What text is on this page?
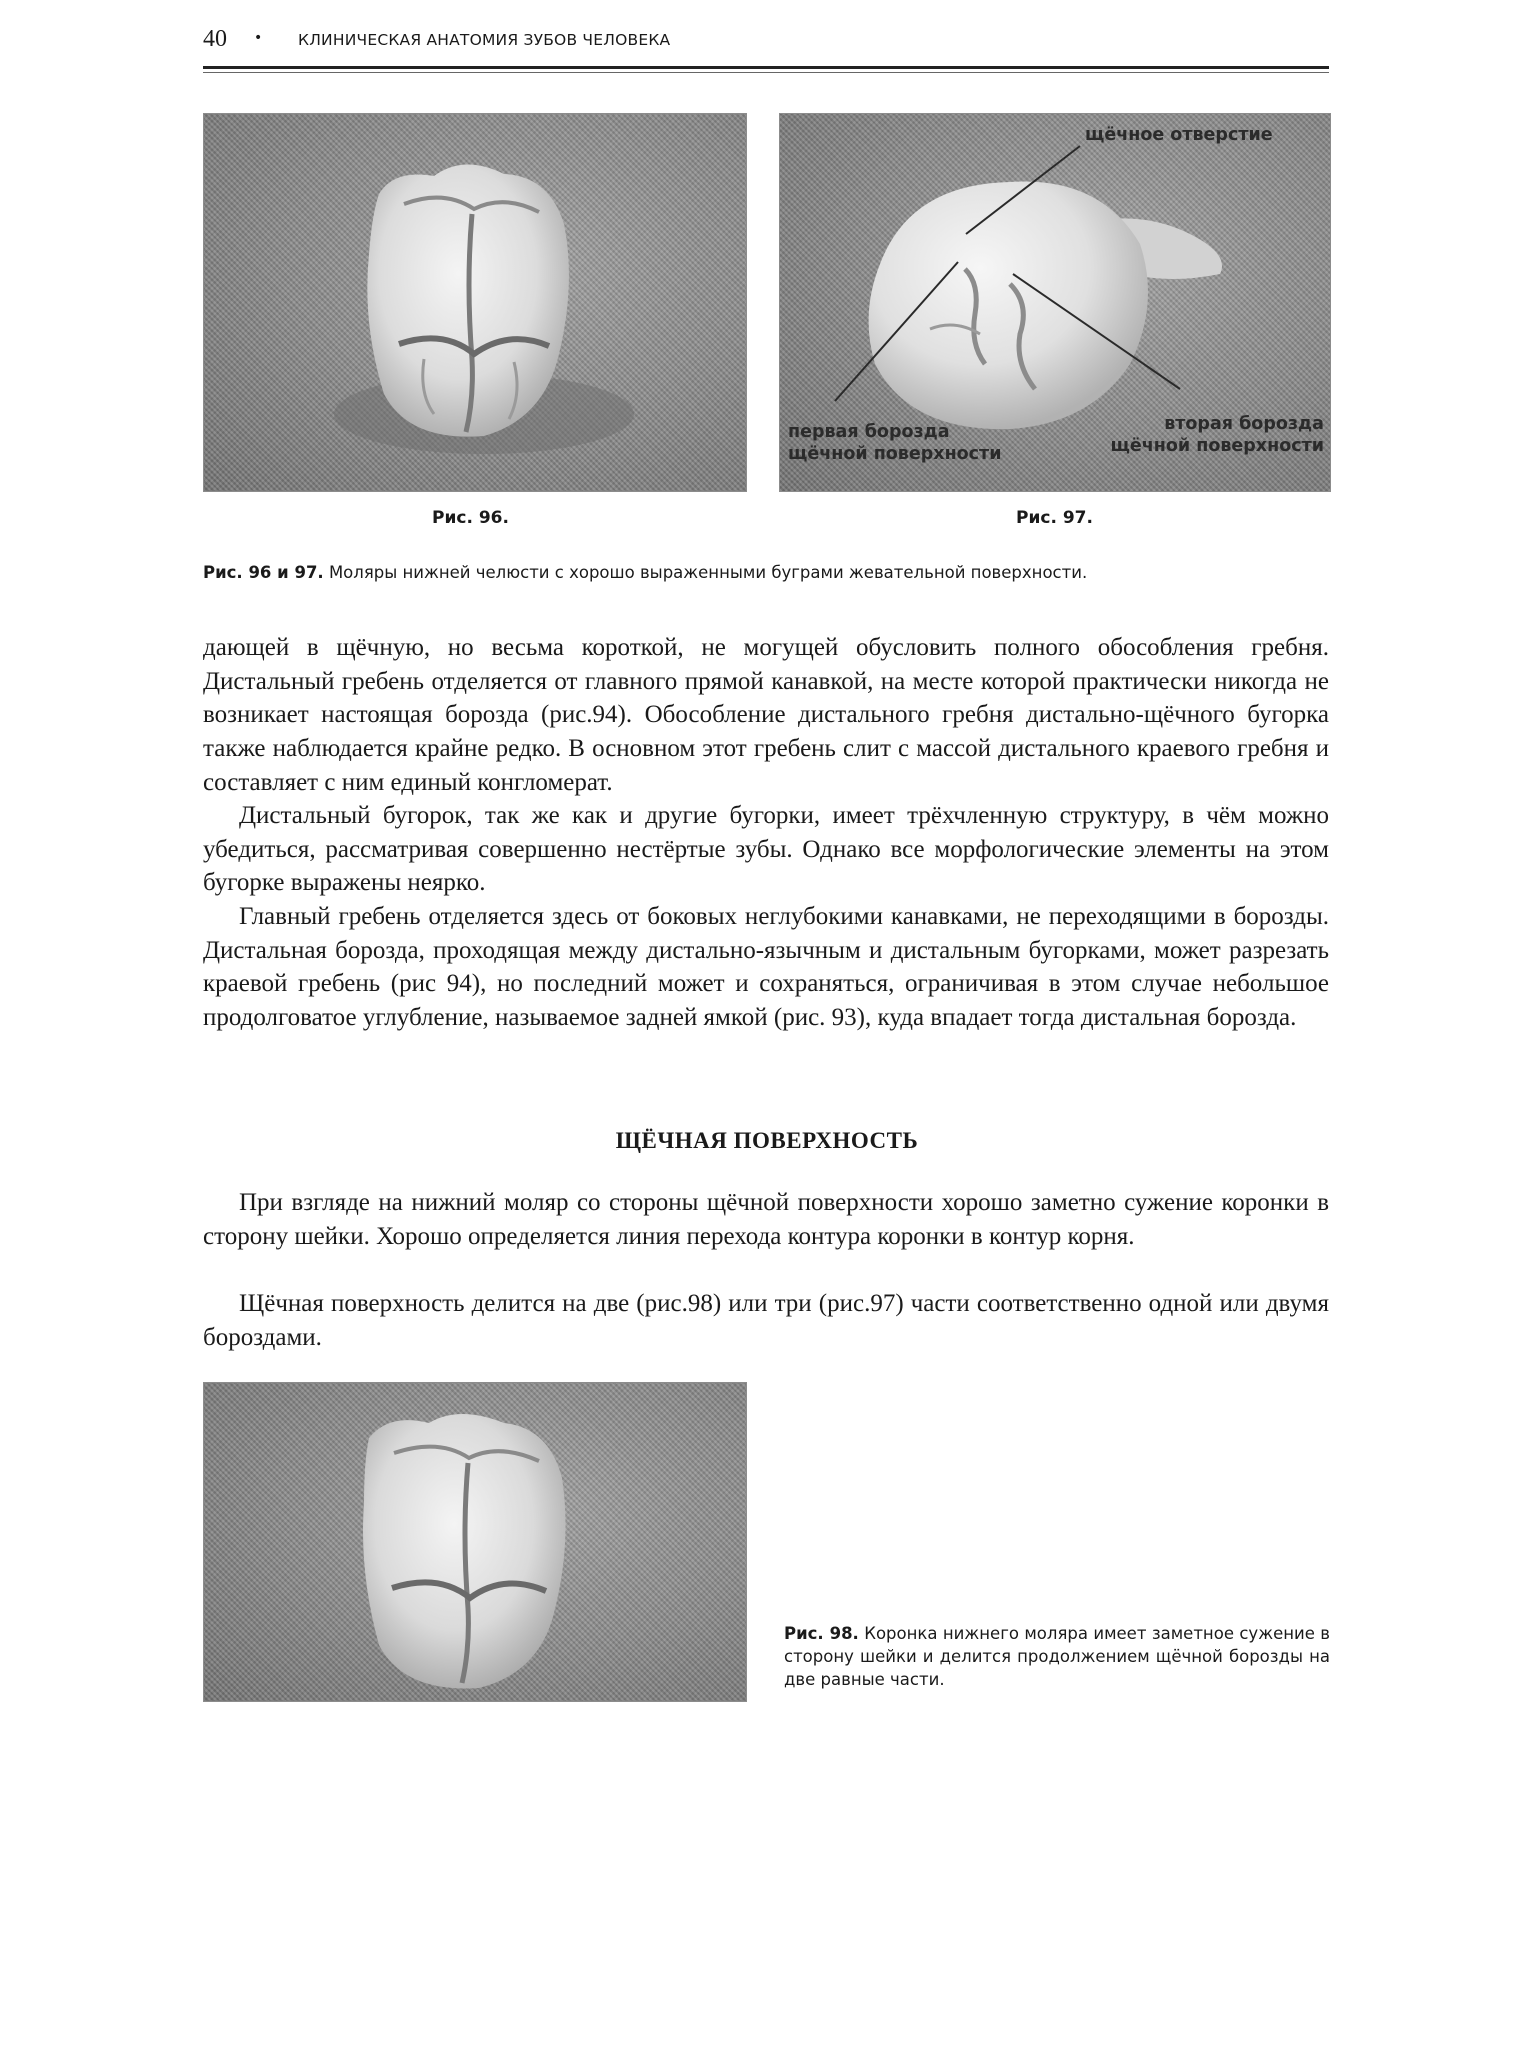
40 • КЛИНИЧЕСКАЯ АНАТОМИЯ ЗУБОВ ЧЕЛОВЕКА
щёчное отверстие
первая борозда
щёчной поверхности
вторая борозда
щёчной поверхности
Рис. 96.	Рис. 97.
Рис. 96 и 97. Моляры нижней челюсти с хорошо выраженными буграми жевательной поверхности.

дающей в щёчную, но весьма короткой, не могущей обусловить полного обособления гребня. Дистальный гребень отделяется от главного прямой канавкой, на месте которой практически никогда не возникает настоящая борозда (рис.94). Обособление дистального гребня дистально-щёчного бугорка также наблюдается крайне редко. В основном этот гребень слит с массой дистального краевого гребня и составляет с ним единый конгломерат.

Дистальный бугорок, так же как и другие бугорки, имеет трёхчленную структуру, в чём можно убедиться, рассматривая совершенно нестёртые зубы. Однако все морфологические элементы на этом бугорке выражены неярко.

Главный гребень отделяется здесь от боковых неглубокими канавками, не переходящими в борозды. Дистальная борозда, проходящая между дистально-язычным и дистальным бугорками, может разрезать краевой гребень (рис 94), но последний может и сохраняться, ограничивая в этом случае небольшое продолговатое углубление, называемое задней ямкой (рис. 93), куда впадает тогда дистальная борозда.

ЩЁЧНАЯ ПОВЕРХНОСТЬ

При взгляде на нижний моляр со стороны щёчной поверхности хорошо заметно сужение коронки в сторону шейки. Хорошо определяется линия перехода контура коронки в контур корня.

Щёчная поверхность делится на две (рис.98) или три (рис.97) части соответственно одной или двумя бороздами.

Рис. 98. Коронка нижнего моляра имеет заметное сужение в сторону шейки и делится продолжением щёчной борозды на две равные части.
